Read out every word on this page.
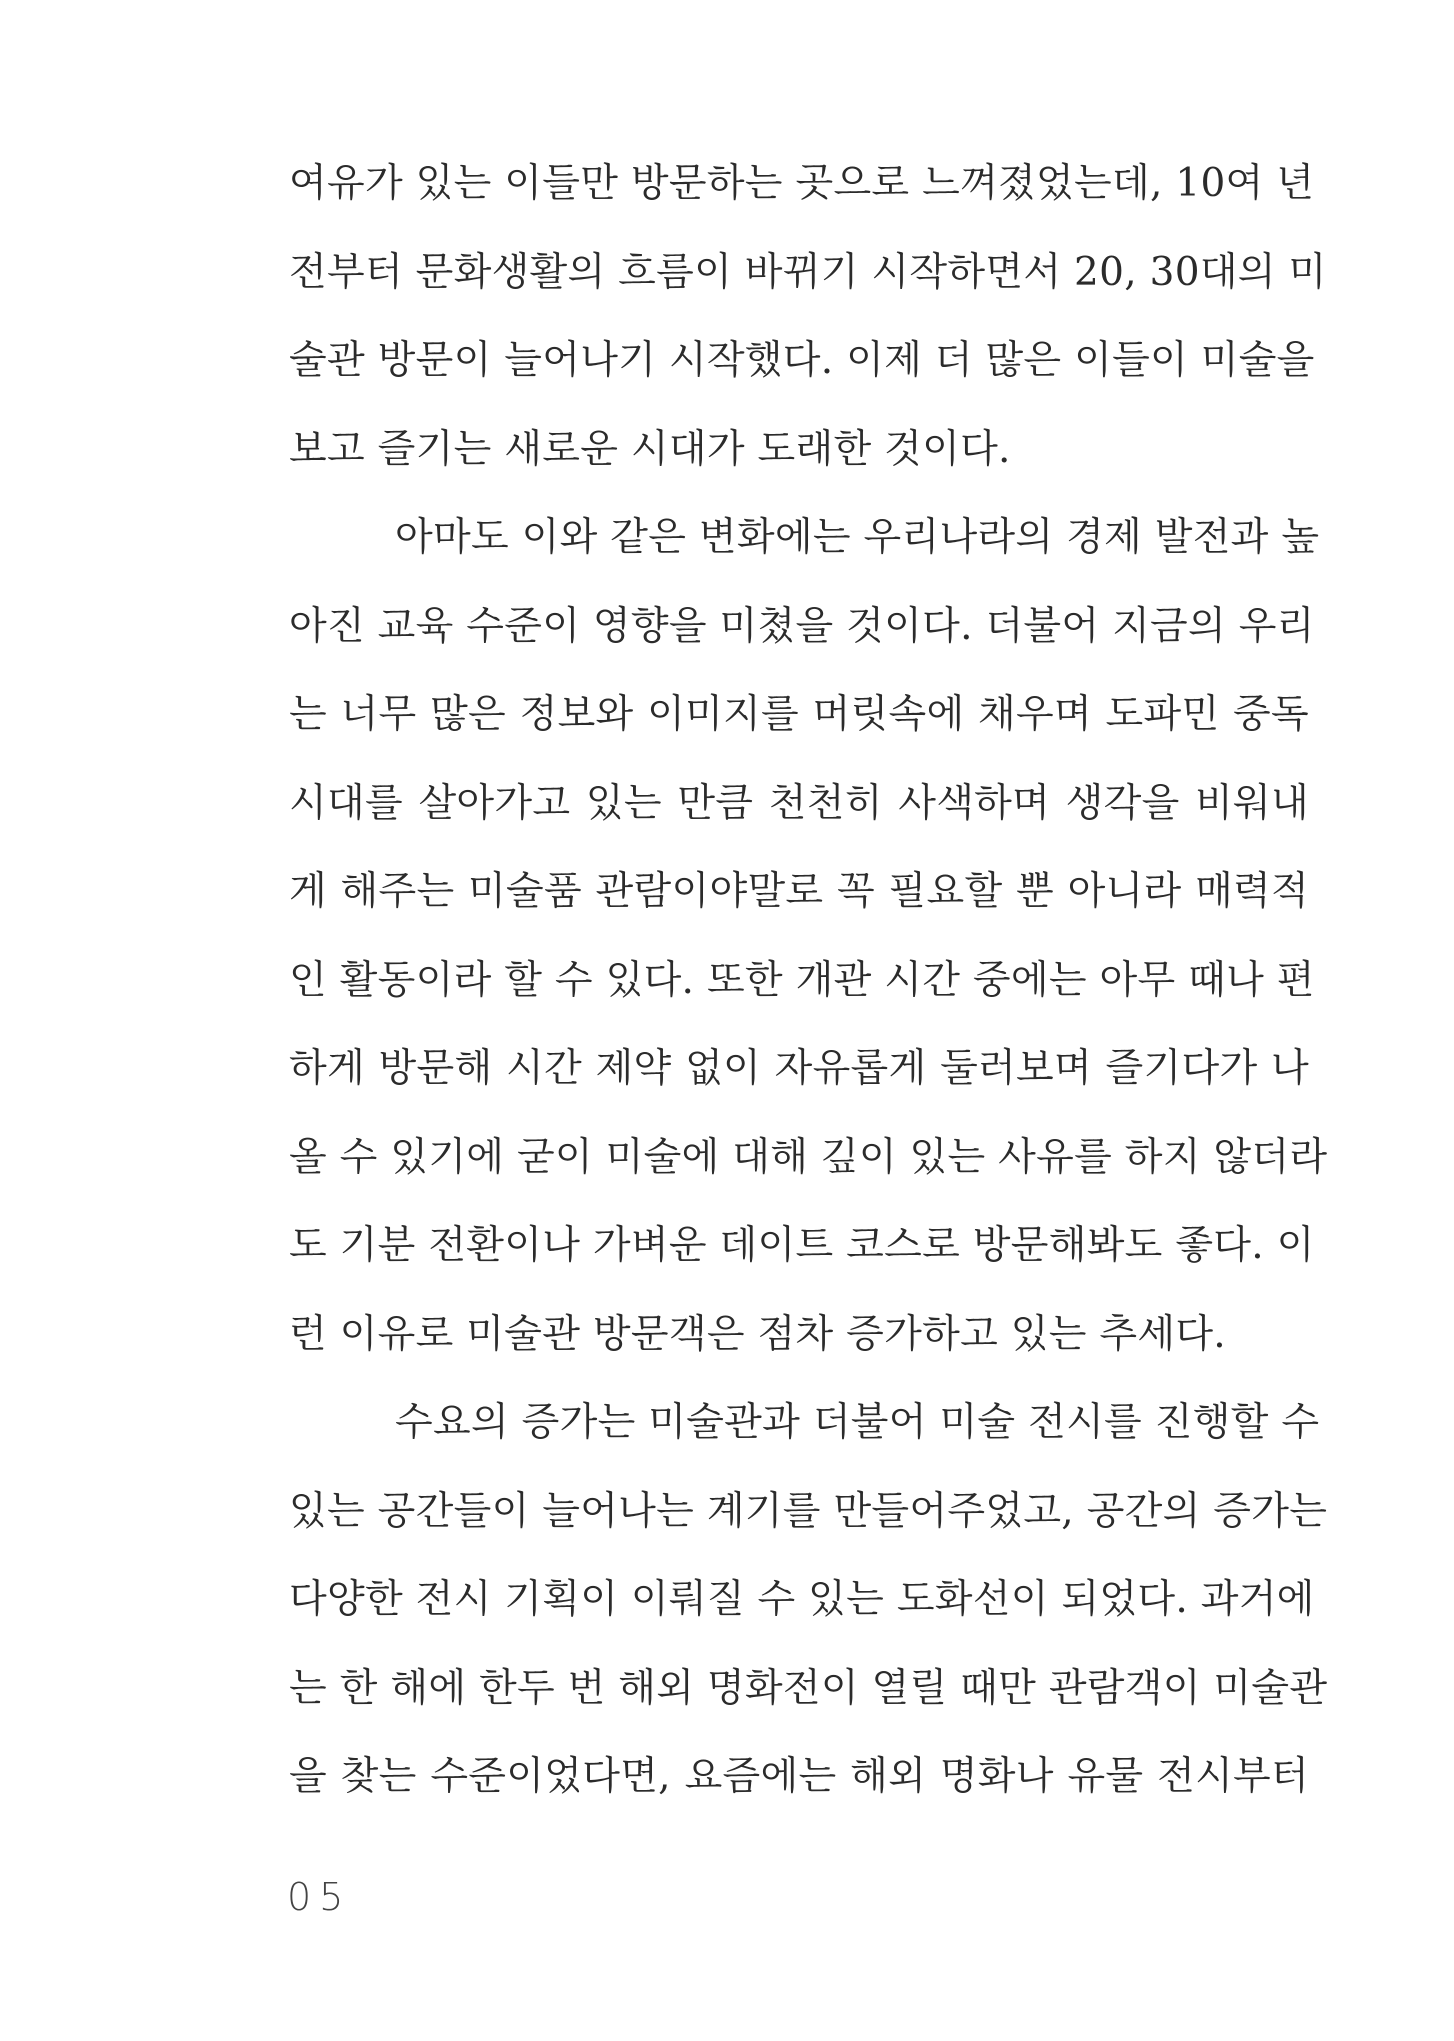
여유가 있는 이들만 방문하는 곳으로 느껴졌었는데, 10여 년
전부터 문화생활의 흐름이 바뀌기 시작하면서 20, 30대의 미
술관 방문이 늘어나기 시작했다. 이제 더 많은 이들이 미술을
보고 즐기는 새로운 시대가 도래한 것이다.
아마도 이와 같은 변화에는 우리나라의 경제 발전과 높
아진 교육 수준이 영향을 미쳤을 것이다. 더불어 지금의 우리
는 너무 많은 정보와 이미지를 머릿속에 채우며 도파민 중독
시대를 살아가고 있는 만큼 천천히 사색하며 생각을 비워내
게 해주는 미술품 관람이야말로 꼭 필요할 뿐 아니라 매력적
인 활동이라 할 수 있다. 또한 개관 시간 중에는 아무 때나 편
하게 방문해 시간 제약 없이 자유롭게 둘러보며 즐기다가 나
올 수 있기에 굳이 미술에 대해 깊이 있는 사유를 하지 않더라
도 기분 전환이나 가벼운 데이트 코스로 방문해봐도 좋다. 이
런 이유로 미술관 방문객은 점차 증가하고 있는 추세다.
수요의 증가는 미술관과 더불어 미술 전시를 진행할 수
있는 공간들이 늘어나는 계기를 만들어주었고, 공간의 증가는
다양한 전시 기획이 이뤄질 수 있는 도화선이 되었다. 과거에
는 한 해에 한두 번 해외 명화전이 열릴 때만 관람객이 미술관
을 찾는 수준이었다면, 요즘에는 해외 명화나 유물 전시부터
05
